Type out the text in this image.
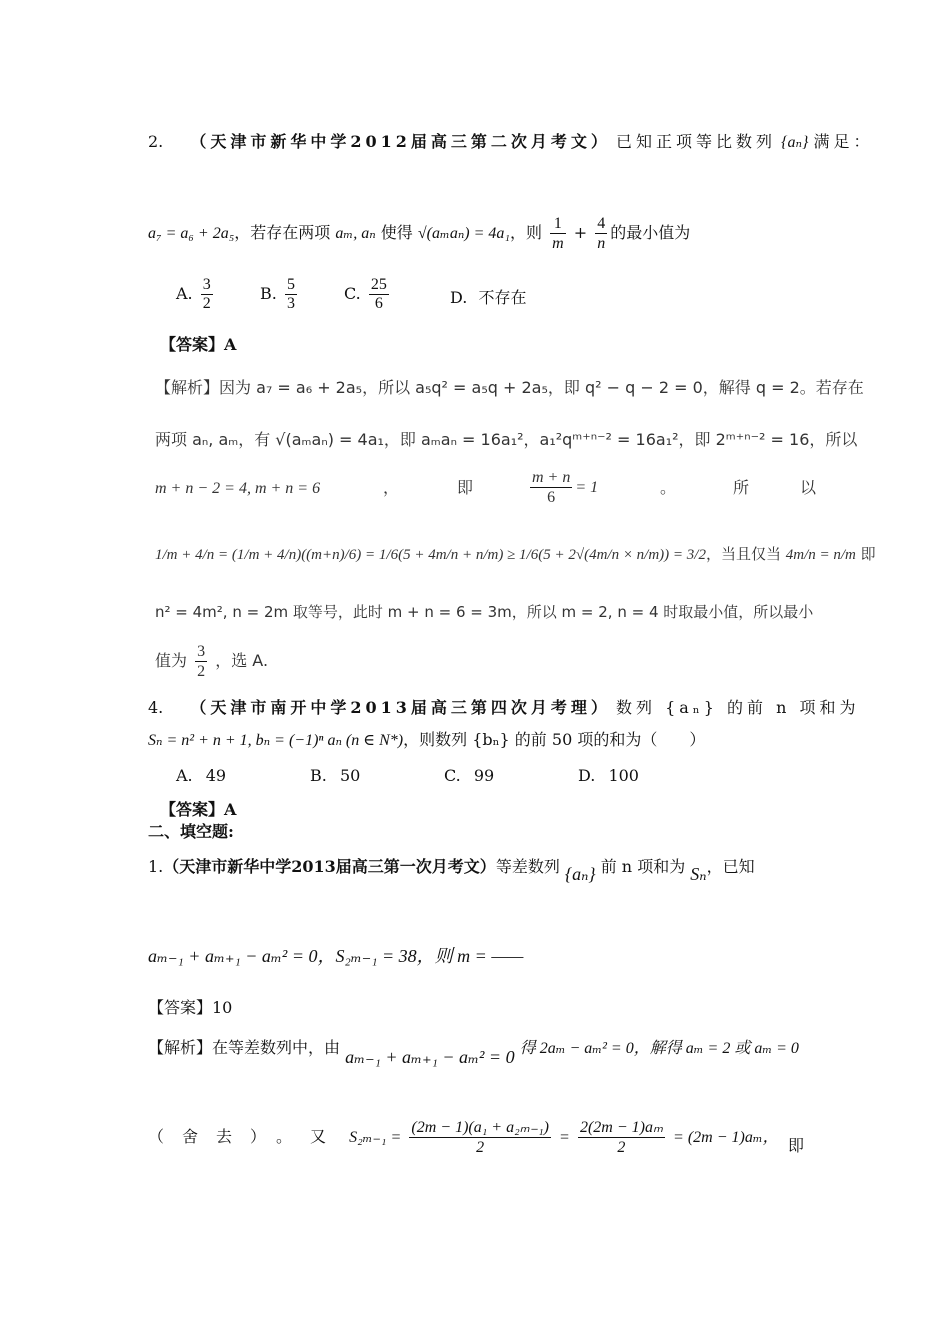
2. （天津市新华中学2012届高三第二次月考文） 已知正项等比数列 {aₙ} 满足：
a₇ = a₆ + 2a₅，若存在两项 aₘ, aₙ 使得 √(aₘaₙ) = 4a₁，则 $\frac{1}{m} + \frac{4}{n}$ 的最小值为
A. $\frac{3}{2}$	B. $\frac{5}{3}$	C. $\frac{25}{6}$	D. 不存在
【答案】A
【解析】因为 a₇ = a₆ + 2a₅，所以 a₅q² = a₅q + 2a₅，即 q² − q − 2 = 0，解得 q = 2。若存在
两项 aₙ, aₘ，有 √(aₘaₙ) = 4a₁，即 aₘaₙ = 16a₁²，a₁²qᵐ⁺ⁿ⁻² = 16a₁²，即 2ᵐ⁺ⁿ⁻² = 16，所以
m + n − 2 = 4, m + n = 6	，	即	$\frac{m + n}{6} = 1$	。	所	以
1/m + 4/n = (1/m + 4/n)((m+n)/6) = 1/6(5 + 4m/n + n/m) ≥ 1/6(5 + 2√(4m/n × n/m)) = 3/2，当且仅当 4m/n = n/m 即
n² = 4m², n = 2m 取等号，此时 m + n = 6 = 3m，所以 m = 2, n = 4 时取最小值，所以最小
值为 $\frac{3}{2}$ ，选 A.
4. （天津市南开中学2013届高三第四次月考理） 数列 {aₙ} 的前 n 项和为
Sₙ = n² + n + 1, bₙ = (−1)ⁿ aₙ (n ∈ N*)，则数列 {bₙ} 的前 50 项的和为（　　）
A. 49	B. 50	C. 99	D. 100
【答案】A
二、填空题:
1.（天津市新华中学2013届高三第一次月考文）等差数列 {aₙ} 前 n 项和为 Sₙ，已知
aₘ₋₁ + aₘ₊₁ − aₘ² = 0，S₂ₘ₋₁ = 38，则 m = ——
【答案】10
【解析】在等差数列中，由 aₘ₋₁ + aₘ₊₁ − aₘ² = 0 得 2aₘ − aₘ² = 0，解得 aₘ = 2 或 aₘ = 0
（舍去）。又 $S_{2m-1} = \frac{\text{(2m − 1)(a₁ + a₂ₘ₋₁)}}{2} = \frac{\text{2(2m − 1)aₘ}}{2} = (2m - 1)a_m$， 即
